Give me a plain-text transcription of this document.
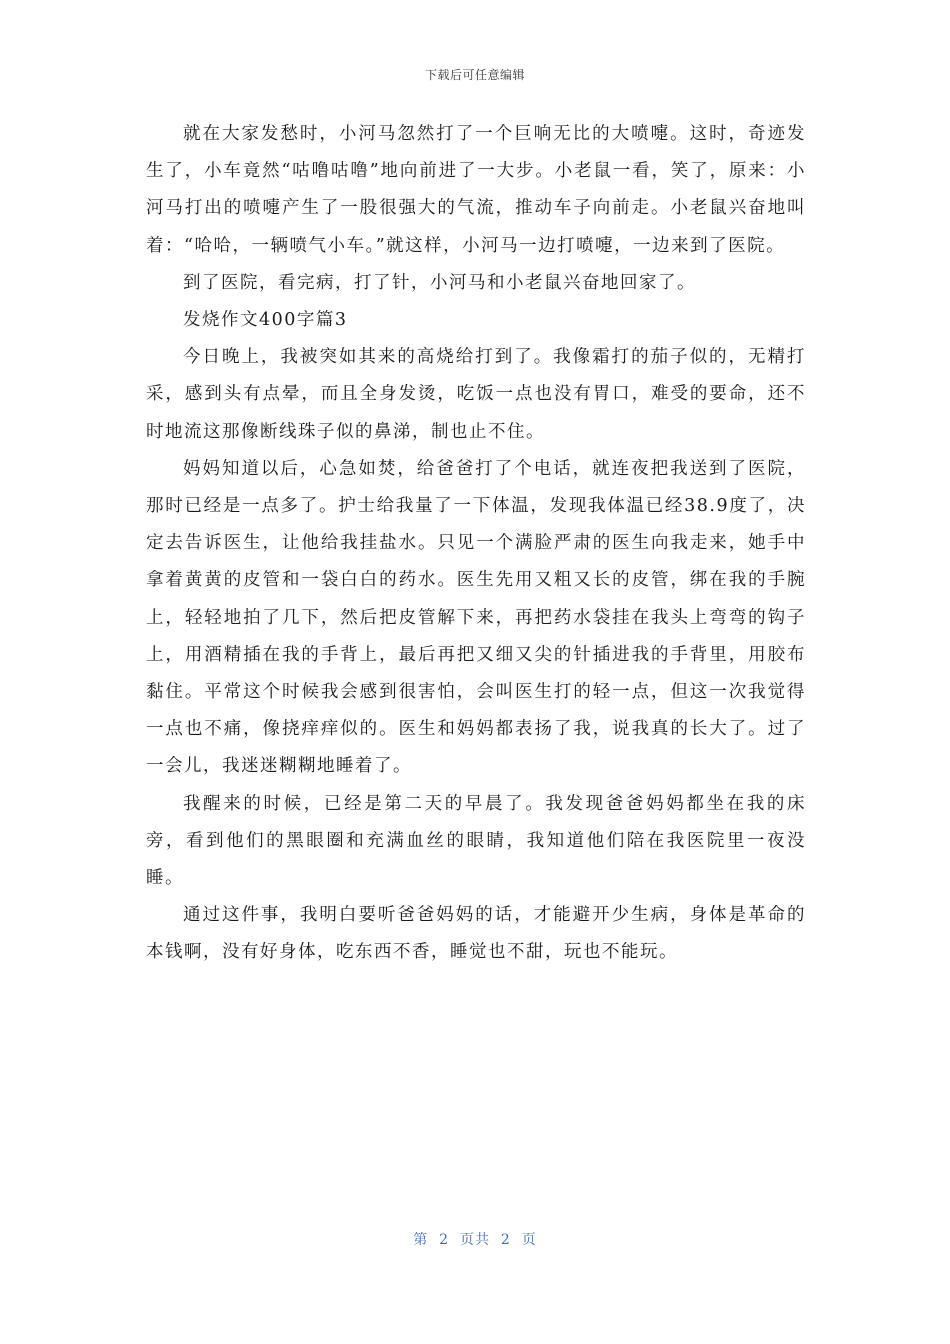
下载后可任意编辑

就在大家发愁时，小河马忽然打了一个巨响无比的大喷嚏。这时，奇迹发生了，小车竟然“咕噜咕噜”地向前进了一大步。小老鼠一看，笑了，原来：小河马打出的喷嚏产生了一股很强大的气流，推动车子向前走。小老鼠兴奋地叫着：“哈哈，一辆喷气小车。”就这样，小河马一边打喷嚏，一边来到了医院。

到了医院，看完病，打了针，小河马和小老鼠兴奋地回家了。

发烧作文400字篇3

今日晚上，我被突如其来的高烧给打到了。我像霜打的茄子似的，无精打采，感到头有点晕，而且全身发烫，吃饭一点也没有胃口，难受的要命，还不时地流这那像断线珠子似的鼻涕，制也止不住。

妈妈知道以后，心急如焚，给爸爸打了个电话，就连夜把我送到了医院，那时已经是一点多了。护士给我量了一下体温，发现我体温已经38.9度了，决定去告诉医生，让他给我挂盐水。只见一个满脸严肃的医生向我走来，她手中拿着黄黄的皮管和一袋白白的药水。医生先用又粗又长的皮管，绑在我的手腕上，轻轻地拍了几下，然后把皮管解下来，再把药水袋挂在我头上弯弯的钩子上，用酒精插在我的手背上，最后再把又细又尖的针插进我的手背里，用胶布黏住。平常这个时候我会感到很害怕，会叫医生打的轻一点，但这一次我觉得一点也不痛，像挠痒痒似的。医生和妈妈都表扬了我，说我真的长大了。过了一会儿，我迷迷糊糊地睡着了。

我醒来的时候，已经是第二天的早晨了。我发现爸爸妈妈都坐在我的床旁，看到他们的黑眼圈和充满血丝的眼睛，我知道他们陪在我医院里一夜没睡。

通过这件事，我明白要听爸爸妈妈的话，才能避开少生病，身体是革命的本钱啊，没有好身体，吃东西不香，睡觉也不甜，玩也不能玩。

第  2  页共  2  页
